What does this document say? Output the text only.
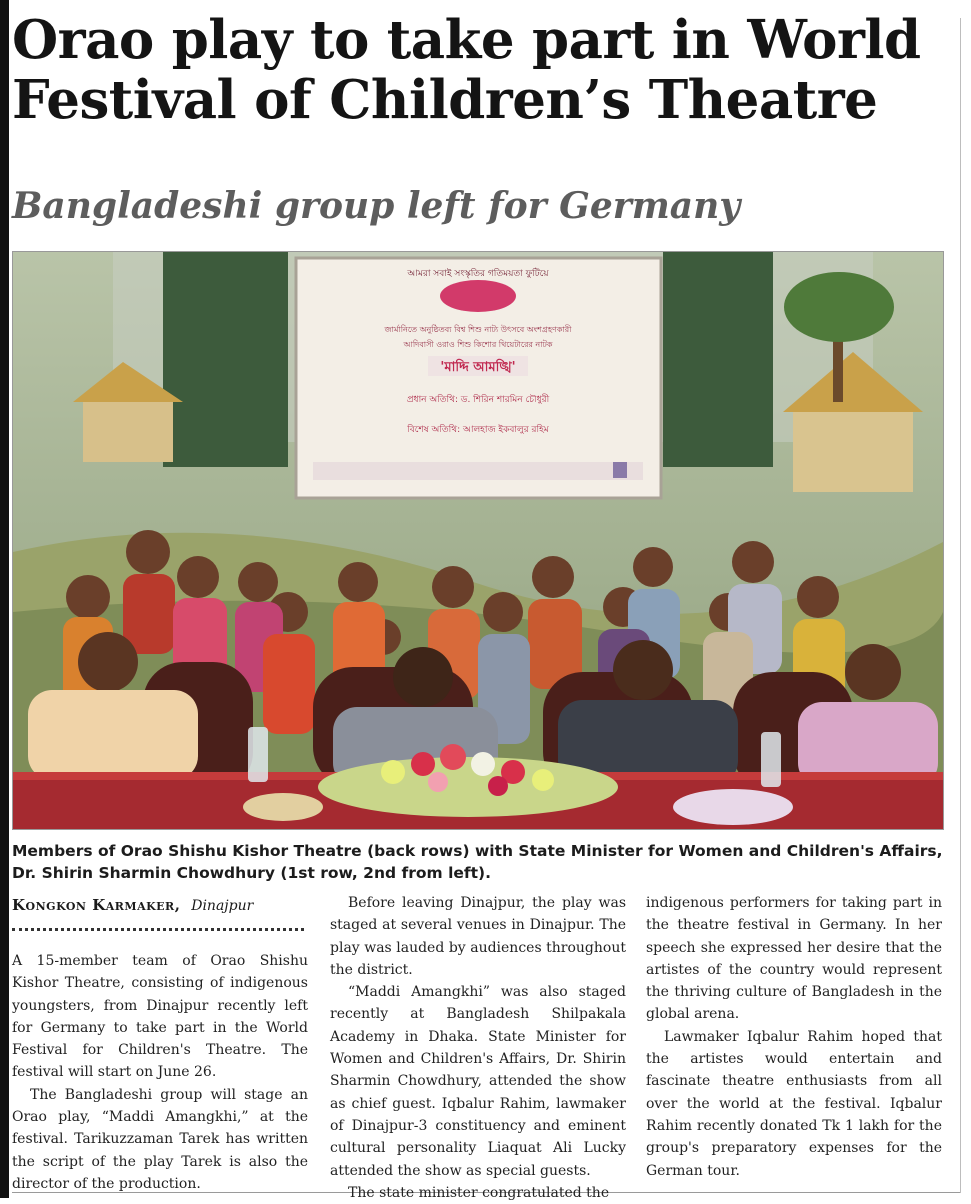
Orao play to take part in World Festival of Children’s Theatre
Bangladeshi group left for Germany
আমরা সবাই সংস্কৃতির গতিময়তা ফুটিয়ে
জার্মানিতে অনুষ্ঠিতব্য বিশ্ব শিশু নাট্য উৎসবে অংশগ্রহণকারী
আদিবাসী ওরাও শিশু কিশোর থিয়েটারের নাটক
'মাদ্দি আমঙ্খি'
প্রধান অতিথি: ড. শিরিন শারমিন চৌধুরী
বিশেষ অতিথি: আলহাজ ইকবালুর রহিম

Members of Orao Shishu Kishor Theatre (back rows) with State Minister for Women and Children's Affairs, Dr. Shirin Sharmin Chowdhury (1st row, 2nd from left).

Kongkon Karmaker, Dinajpur

A 15-member team of Orao Shishu Kishor Theatre, consisting of indigenous youngsters, from Dinajpur recently left for Germany to take part in the World Festival for Children's Theatre. The festival will start on June 26.

The Bangladeshi group will stage an Orao play, “Maddi Amangkhi,” at the festival. Tarikuzzaman Tarek has written the script of the play Tarek is also the director of the production.

Before leaving Dinajpur, the play was staged at several venues in Dinajpur. The play was lauded by audiences throughout the district.

“Maddi Amangkhi” was also staged recently at Bangladesh Shilpakala Academy in Dhaka. State Minister for Women and Children's Affairs, Dr. Shirin Sharmin Chowdhury, attended the show as chief guest. Iqbalur Rahim, lawmaker of Dinajpur-3 constituency and eminent cultural personality Liaquat Ali Lucky attended the show as special guests.

The state minister congratulated the

indigenous performers for taking part in the theatre festival in Germany. In her speech she expressed her desire that the artistes of the country would represent the thriving culture of Bangladesh in the global arena.

Lawmaker Iqbalur Rahim hoped that the artistes would entertain and fascinate theatre enthusiasts from all over the world at the festival. Iqbalur Rahim recently donated Tk 1 lakh for the group's preparatory expenses for the German tour.
